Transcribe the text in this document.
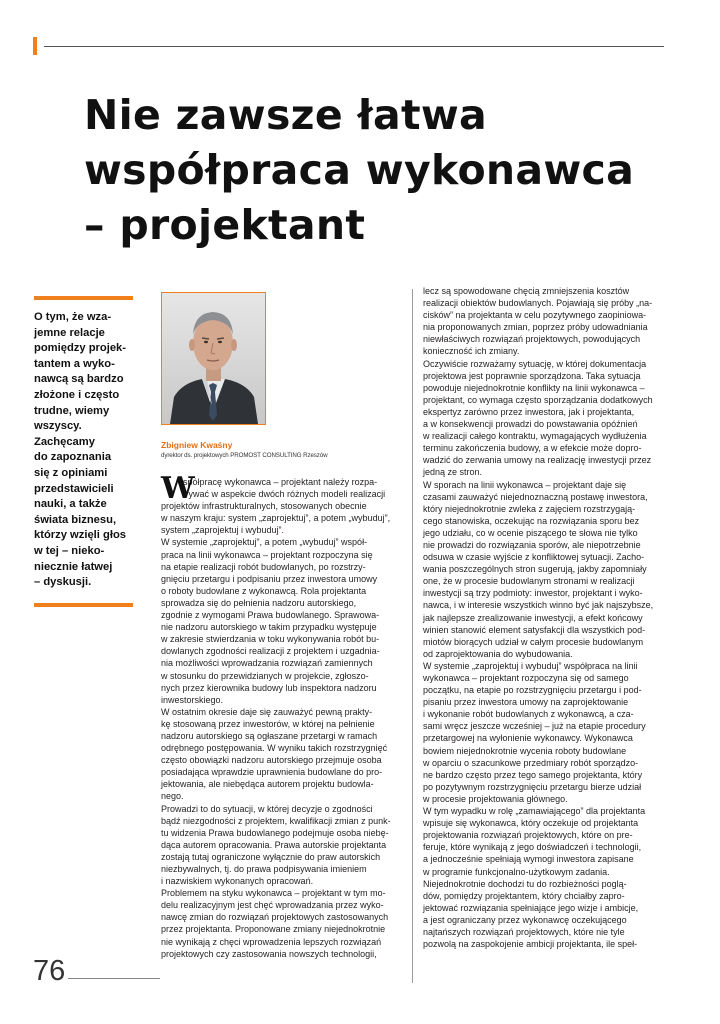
Nie zawsze łatwa
współpraca wykonawca
– projektant
O tym, że wza-
jemne relacje
pomiędzy projek-
tantem a wyko-
nawcą są bardzo
złożone i często
trudne, wiemy
wszyscy.
Zachęcamy
do zapoznania
się z opiniami
przedstawicieli
nauki, a także
świata biznesu,
którzy wzięli głos
w tej – nieko-
niecznie łatwej
– dyskusji.

Zbigniew Kwaśny

dyrektor ds. projektowych PROMOST CONSULTING Rzeszów

W
spółpracę wykonawca – projektant należy rozpa-
trywać w aspekcie dwóch różnych modeli realizacji
projektów infrastrukturalnych, stosowanych obecnie
w naszym kraju: system „zaprojektuj”, a potem „wybuduj”,
system „zaprojektuj i wybuduj”.
W systemie „zaprojektuj”, a potem „wybuduj” współ-
praca na linii wykonawca – projektant rozpoczyna się
na etapie realizacji robót budowlanych, po rozstrzy-
gnięciu przetargu i podpisaniu przez inwestora umowy
o roboty budowlane z wykonawcą. Rola projektanta
sprowadza się do pełnienia nadzoru autorskiego,
zgodnie z wymogami Prawa budowlanego. Sprawowa-
nie nadzoru autorskiego w takim przypadku występuje
w zakresie stwierdzania w toku wykonywania robót bu-
dowlanych zgodności realizacji z projektem i uzgadnia-
nia możliwości wprowadzania rozwiązań zamiennych
w stosunku do przewidzianych w projekcie, zgłoszo-
nych przez kierownika budowy lub inspektora nadzoru
inwestorskiego.
W ostatnim okresie daje się zauważyć pewną prakty-
kę stosowaną przez inwestorów, w której na pełnienie
nadzoru autorskiego są ogłaszane przetargi w ramach
odrębnego postępowania. W wyniku takich rozstrzygnięć
często obowiązki nadzoru autorskiego przejmuje osoba
posiadająca wprawdzie uprawnienia budowlane do pro-
jektowania, ale niebędąca autorem projektu budowla-
nego.
Prowadzi to do sytuacji, w której decyzje o zgodności
bądź niezgodności z projektem, kwalifikacji zmian z punk-
tu widzenia Prawa budowlanego podejmuje osoba niebę-
dąca autorem opracowania. Prawa autorskie projektanta
zostają tutaj ograniczone wyłącznie do praw autorskich
niezbywalnych, tj. do prawa podpisywania imieniem
i nazwiskiem wykonanych opracowań.
Problemem na styku wykonawca – projektant w tym mo-
delu realizacyjnym jest chęć wprowadzania przez wyko-
nawcę zmian do rozwiązań projektowych zastosowanych
przez projektanta. Proponowane zmiany niejednokrotnie
nie wynikają z chęci wprowadzenia lepszych rozwiązań
projektowych czy zastosowania nowszych technologii,
lecz są spowodowane chęcią zmniejszenia kosztów
realizacji obiektów budowlanych. Pojawiają się próby „na-
cisków” na projektanta w celu pozytywnego zaopiniowa-
nia proponowanych zmian, poprzez próby udowadniania
niewłaściwych rozwiązań projektowych, powodujących
konieczność ich zmiany.
Oczywiście rozważamy sytuację, w której dokumentacja
projektowa jest poprawnie sporządzona. Taka sytuacja
powoduje niejednokrotnie konflikty na linii wykonawca –
projektant, co wymaga często sporządzania dodatkowych
ekspertyz zarówno przez inwestora, jak i projektanta,
a w konsekwencji prowadzi do powstawania opóźnień
w realizacji całego kontraktu, wymagających wydłużenia
terminu zakończenia budowy, a w efekcie może dopro-
wadzić do zerwania umowy na realizację inwestycji przez
jedną ze stron.
W sporach na linii wykonawca – projektant daje się
czasami zauważyć niejednoznaczną postawę inwestora,
który niejednokrotnie zwleka z zajęciem rozstrzygają-
cego stanowiska, oczekując na rozwiązania sporu bez
jego udziału, co w ocenie piszącego te słowa nie tylko
nie prowadzi do rozwiązania sporów, ale niepotrzebnie
odsuwa w czasie wyjście z konfliktowej sytuacji. Zacho-
wania poszczególnych stron sugerują, jakby zapomniały
one, że w procesie budowlanym stronami w realizacji
inwestycji są trzy podmioty: inwestor, projektant i wyko-
nawca, i w interesie wszystkich winno być jak najszybsze,
jak najlepsze zrealizowanie inwestycji, a efekt końcowy
winien stanowić element satysfakcji dla wszystkich pod-
miotów biorących udział w całym procesie budowlanym
od zaprojektowania do wybudowania.
W systemie „zaprojektuj i wybuduj” współpraca na linii
wykonawca – projektant rozpoczyna się od samego
początku, na etapie po rozstrzygnięciu przetargu i pod-
pisaniu przez inwestora umowy na zaprojektowanie
i wykonanie robót budowlanych z wykonawcą, a cza-
sami wręcz jeszcze wcześniej – już na etapie procedury
przetargowej na wyłonienie wykonawcy. Wykonawca
bowiem niejednokrotnie wycenia roboty budowlane
w oparciu o szacunkowe przedmiary robót sporządzo-
ne bardzo często przez tego samego projektanta, który
po pozytywnym rozstrzygnięciu przetargu bierze udział
w procesie projektowania głównego.
W tym wypadku w rolę „zamawiającego” dla projektanta
wpisuje się wykonawca, który oczekuje od projektanta
projektowania rozwiązań projektowych, które on pre-
feruje, które wynikają z jego doświadczeń i technologii,
a jednocześnie spełniają wymogi inwestora zapisane
w programie funkcjonalno-użytkowym zadania.
Niejednokrotnie dochodzi tu do rozbieżności poglą-
dów, pomiędzy projektantem, który chciałby zapro-
jektować rozwiązania spełniające jego wizje i ambicje,
a jest ograniczany przez wykonawcę oczekującego
najtańszych rozwiązań projektowych, które nie tyle
pozwolą na zaspokojenie ambicji projektanta, ile speł-
76
